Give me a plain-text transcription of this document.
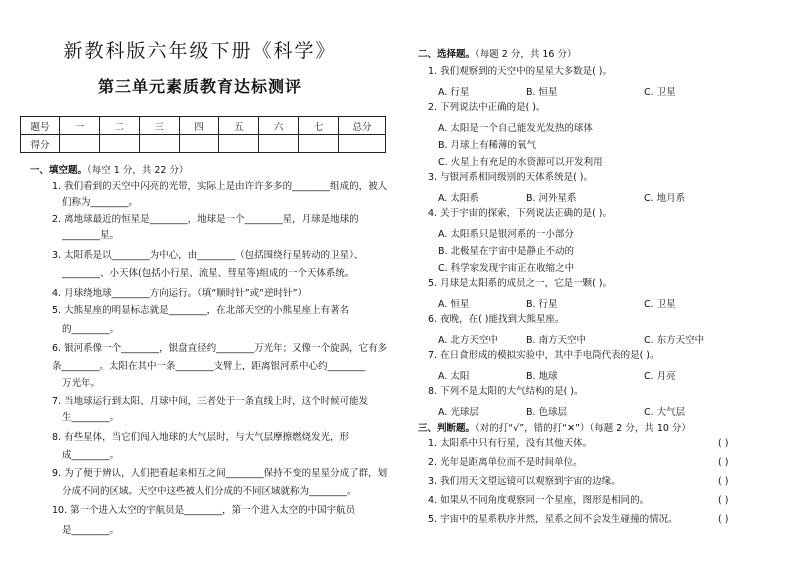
新教科版六年级下册《科学》
第三单元素质教育达标测评
题号	一	二	三	四	五	六	七	总分
得分								
一、填空题。（每空 1 分，共 22 分）
1. 我们看到的天空中闪亮的光带，实际上是由许许多多的________组成的，被人
们称为________。
2. 离地球最近的恒星是________，地球是一个________星，月球是地球的
________星。
3. 太阳系是以________为中心，由________（包括围绕行星转动的卫星）、
________、小天体(包括小行星、流星、彗星等)组成的一个天体系统。
4. 月球绕地球________方向运行。（填“顺时针”或“逆时针”）
5. 大熊星座的明显标志就是________，在北部天空的小熊星座上有著名
的________。
6. 银河系像一个________，银盘直径约________万光年；又像一个旋涡，它有多
条________。太阳在其中一条________支臂上，距离银河系中心约________
万光年。
7. 当地球运行到太阳、月球中间，三者处于一条直线上时，这个时候可能发
生________。
8. 有些星体，当它们闯入地球的大气层时，与大气层摩擦燃烧发光，形
成________。
9. 为了便于辨认，人们把看起来相互之间________保持不变的星星分成了群，划
分成不同的区域。天空中这些被人们分成的不同区域就称为________。
10. 第一个进入太空的宇航员是________，第一个进入太空的中国宇航员
是________。
二、选择题。（每题 2 分，共 16 分）
1. 我们观察到的天空中的星星大多数是( )。
A. 行星	B. 恒星	C. 卫星
2. 下列说法中正确的是( )。
A. 太阳是一个自己能发光发热的球体
B. 月球上有稀薄的氧气
C. 火星上有充足的水资源可以开发利用
3. 与银河系相同级别的天体系统是( )。
A. 太阳系	B. 河外星系	C. 地月系
4. 关于宇宙的探索，下列说法正确的是( )。
A. 太阳系只是银河系的一小部分
B. 北极星在宇宙中是静止不动的
C. 科学家发现宇宙正在收缩之中
5. 月球是太阳系的成员之一，它是一颗( )。
A. 恒星	B. 行星	C. 卫星
6. 夜晚，在( )能找到大熊星座。
A. 北方天空中	B. 南方天空中	C. 东方天空中
7. 在日食形成的模拟实验中，其中手电筒代表的是( )。
A. 太阳	B. 地球	C. 月亮
8. 下列不是太阳的大气结构的是( )。
A. 光球层	B. 色球层	C. 大气层
三、判断题。（对的打“√”，错的打“✕”）（每题 2 分，共 10 分）
1. 太阳系中只有行星，没有其他天体。	( )
2. 光年是距离单位而不是时间单位。	( )
3. 我们用天文望远镜可以观察到宇宙的边缘。	( )
4. 如果从不同角度观察同一个星座，图形是相同的。	( )
5. 宇宙中的星系秩序井然，星系之间不会发生碰撞的情况。	( )
